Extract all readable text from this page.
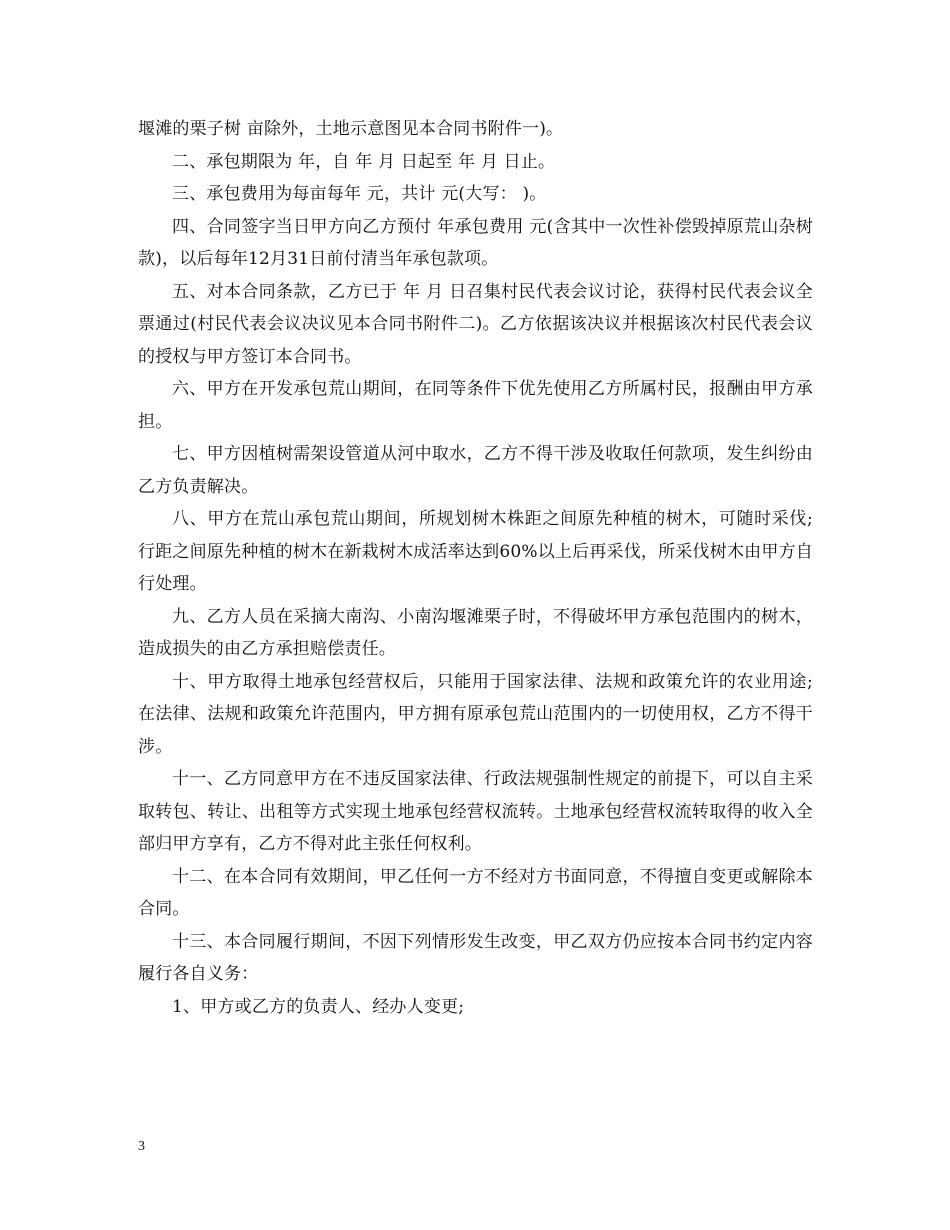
堰滩的栗子树 亩除外，土地示意图见本合同书附件一)。

二、承包期限为 年，自 年 月 日起至 年 月 日止。

三、承包费用为每亩每年 元，共计 元(大写： )。

四、合同签字当日甲方向乙方预付 年承包费用 元(含其中一次性补偿毁掉原荒山杂树款)，以后每年12月31日前付清当年承包款项。

五、对本合同条款，乙方已于 年 月 日召集村民代表会议讨论，获得村民代表会议全票通过(村民代表会议决议见本合同书附件二)。乙方依据该决议并根据该次村民代表会议的授权与甲方签订本合同书。

六、甲方在开发承包荒山期间，在同等条件下优先使用乙方所属村民，报酬由甲方承担。

七、甲方因植树需架设管道从河中取水，乙方不得干涉及收取任何款项，发生纠纷由乙方负责解决。

八、甲方在荒山承包荒山期间，所规划树木株距之间原先种植的树木，可随时采伐;行距之间原先种植的树木在新栽树木成活率达到60%以上后再采伐，所采伐树木由甲方自行处理。

九、乙方人员在采摘大南沟、小南沟堰滩栗子时，不得破坏甲方承包范围内的树木，造成损失的由乙方承担赔偿责任。

十、甲方取得土地承包经营权后，只能用于国家法律、法规和政策允许的农业用途;在法律、法规和政策允许范围内，甲方拥有原承包荒山范围内的一切使用权，乙方不得干涉。

十一、乙方同意甲方在不违反国家法律、行政法规强制性规定的前提下，可以自主采取转包、转让、出租等方式实现土地承包经营权流转。土地承包经营权流转取得的收入全部归甲方享有，乙方不得对此主张任何权利。

十二、在本合同有效期间，甲乙任何一方不经对方书面同意，不得擅自变更或解除本合同。

十三、本合同履行期间，不因下列情形发生改变，甲乙双方仍应按本合同书约定内容履行各自义务：

1、甲方或乙方的负责人、经办人变更;

3
